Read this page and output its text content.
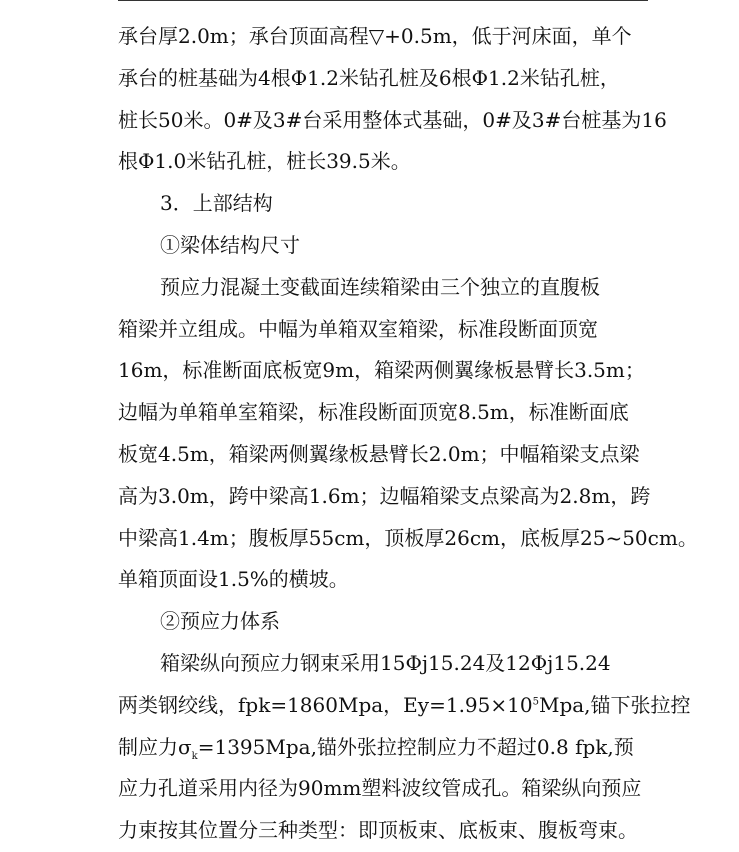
承台厚2.0m；承台顶面高程▽+0.5m，低于河床面，单个
承台的桩基础为4根Φ1.2米钻孔桩及6根Φ1.2米钻孔桩，
桩长50米。0#及3#台采用整体式基础，0#及3#台桩基为16
根Φ1.0米钻孔桩，桩长39.5米。
3．上部结构
①梁体结构尺寸
预应力混凝土变截面连续箱梁由三个独立的直腹板
箱梁并立组成。中幅为单箱双室箱梁，标准段断面顶宽
16m，标准断面底板宽9m，箱梁两侧翼缘板悬臂长3.5m；
边幅为单箱单室箱梁，标准段断面顶宽8.5m，标准断面底
板宽4.5m，箱梁两侧翼缘板悬臂长2.0m；中幅箱梁支点梁
高为3.0m，跨中梁高1.6m；边幅箱梁支点梁高为2.8m，跨
中梁高1.4m；腹板厚55cm，顶板厚26cm，底板厚25~50cm。
单箱顶面设1.5%的横坡。
②预应力体系
箱梁纵向预应力钢束采用15Φj15.24及12Φj15.24
两类钢绞线，fpk=1860Mpa，$Ey=1.95\times 10^5Mpa$,锚下张拉控
制应力$\sigma_k=1395Mpa$,锚外张拉控制应力不超过0.8 fpk,预
应力孔道采用内径为90mm塑料波纹管成孔。箱梁纵向预应
力束按其位置分三种类型：即顶板束、底板束、腹板弯束。
